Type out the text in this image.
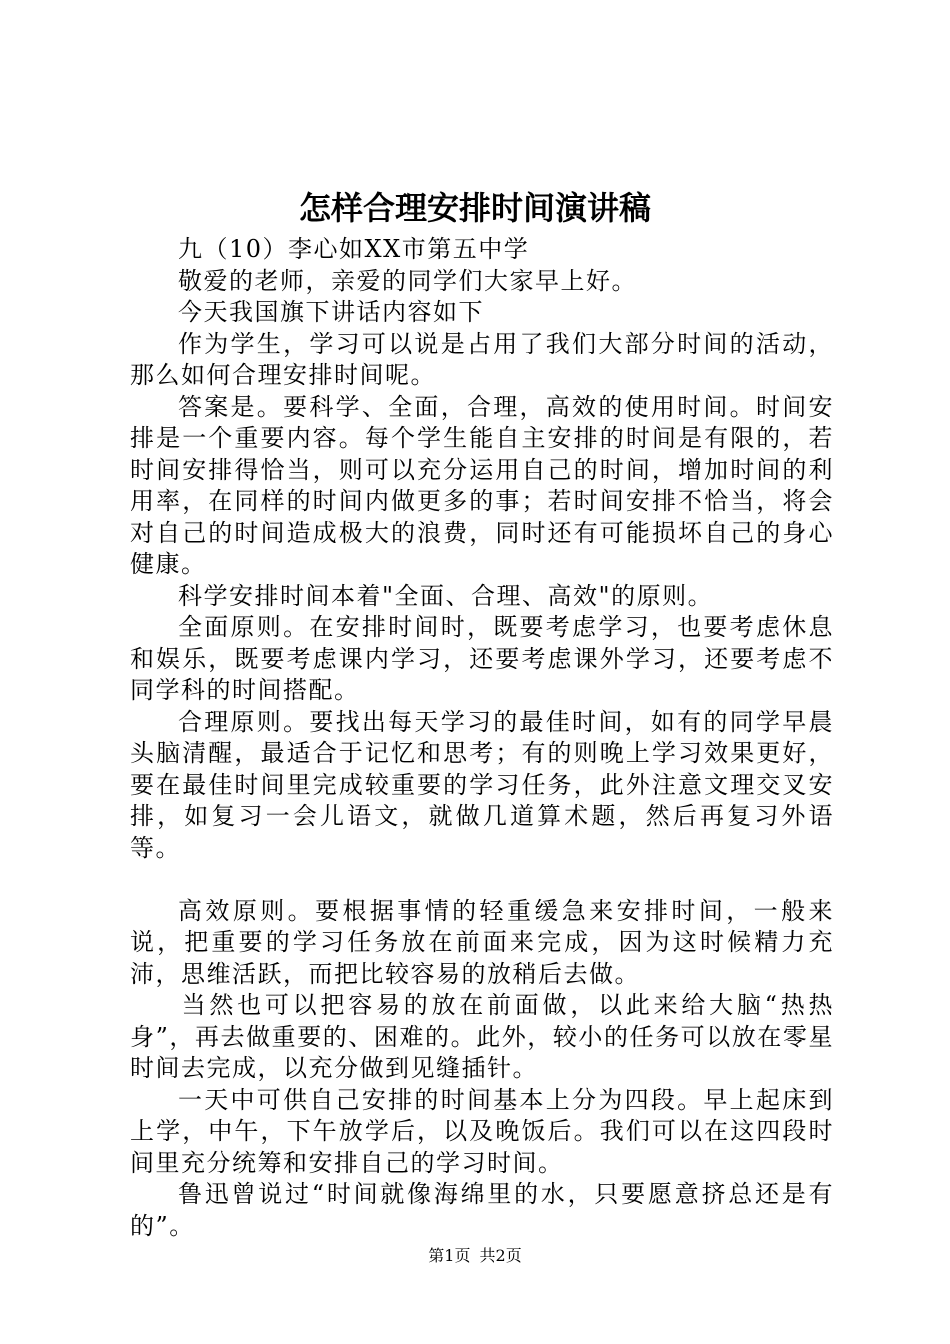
怎样合理安排时间演讲稿

九（10）李心如XX市第五中学

敬爱的老师，亲爱的同学们大家早上好。

今天我国旗下讲话内容如下

作为学生，学习可以说是占用了我们大部分时间的活动，那么如何合理安排时间呢。

答案是。要科学、全面，合理，高效的使用时间。时间安排是一个重要内容。每个学生能自主安排的时间是有限的，若时间安排得恰当，则可以充分运用自己的时间，增加时间的利用率，在同样的时间内做更多的事；若时间安排不恰当，将会对自己的时间造成极大的浪费，同时还有可能损坏自己的身心健康。

科学安排时间本着"全面、合理、高效"的原则。

全面原则。在安排时间时，既要考虑学习，也要考虑休息和娱乐，既要考虑课内学习，还要考虑课外学习，还要考虑不同学科的时间搭配。

合理原则。要找出每天学习的最佳时间，如有的同学早晨头脑清醒，最适合于记忆和思考；有的则晚上学习效果更好，要在最佳时间里完成较重要的学习任务，此外注意文理交叉安排，如复习一会儿语文，就做几道算术题，然后再复习外语等。

高效原则。要根据事情的轻重缓急来安排时间，一般来说，把重要的学习任务放在前面来完成，因为这时候精力充沛，思维活跃，而把比较容易的放稍后去做。

当然也可以把容易的放在前面做，以此来给大脑“热热身”，再去做重要的、困难的。此外，较小的任务可以放在零星时间去完成，以充分做到见缝插针。

一天中可供自己安排的时间基本上分为四段。早上起床到上学，中午，下午放学后，以及晚饭后。我们可以在这四段时间里充分统筹和安排自己的学习时间。

鲁迅曾说过“时间就像海绵里的水，只要愿意挤总还是有的”。

第1页 共2页
